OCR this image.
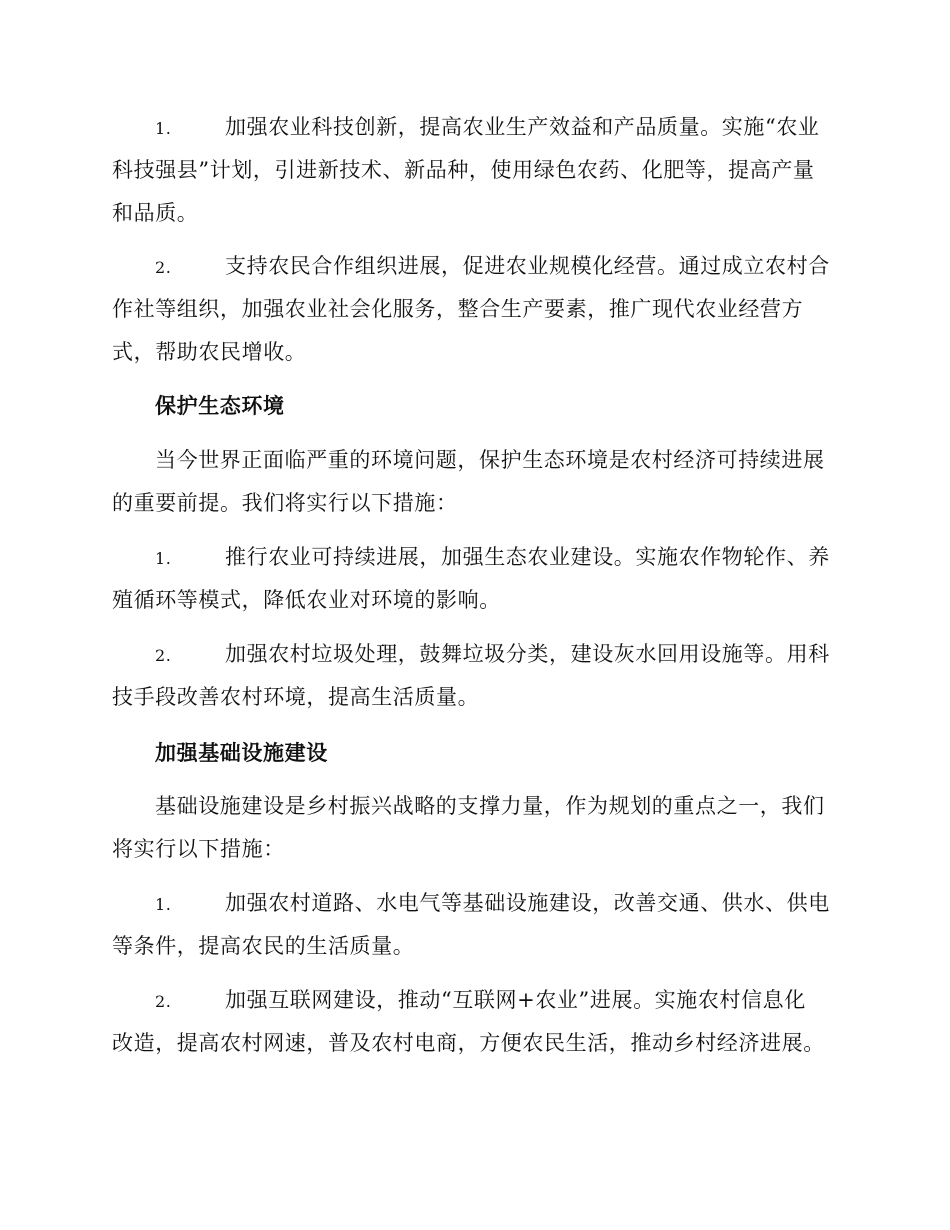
1.	加强农业科技创新，提高农业生产效益和产品质量。实施“农业
科技强县”计划，引进新技术、新品种，使用绿色农药、化肥等，提高产量
和品质。
2.	支持农民合作组织进展，促进农业规模化经营。通过成立农村合
作社等组织，加强农业社会化服务，整合生产要素，推广现代农业经营方
式，帮助农民增收。
保护生态环境
当今世界正面临严重的环境问题，保护生态环境是农村经济可持续进展
的重要前提。我们将实行以下措施：
1.	推行农业可持续进展，加强生态农业建设。实施农作物轮作、养
殖循环等模式，降低农业对环境的影响。
2.	加强农村垃圾处理，鼓舞垃圾分类，建设灰水回用设施等。用科
技手段改善农村环境，提高生活质量。
加强基础设施建设
基础设施建设是乡村振兴战略的支撑力量，作为规划的重点之一，我们
将实行以下措施：
1.	加强农村道路、水电气等基础设施建设，改善交通、供水、供电
等条件，提高农民的生活质量。
2.	加强互联网建设，推动“互联网+农业”进展。实施农村信息化
改造，提高农村网速，普及农村电商，方便农民生活，推动乡村经济进展。
